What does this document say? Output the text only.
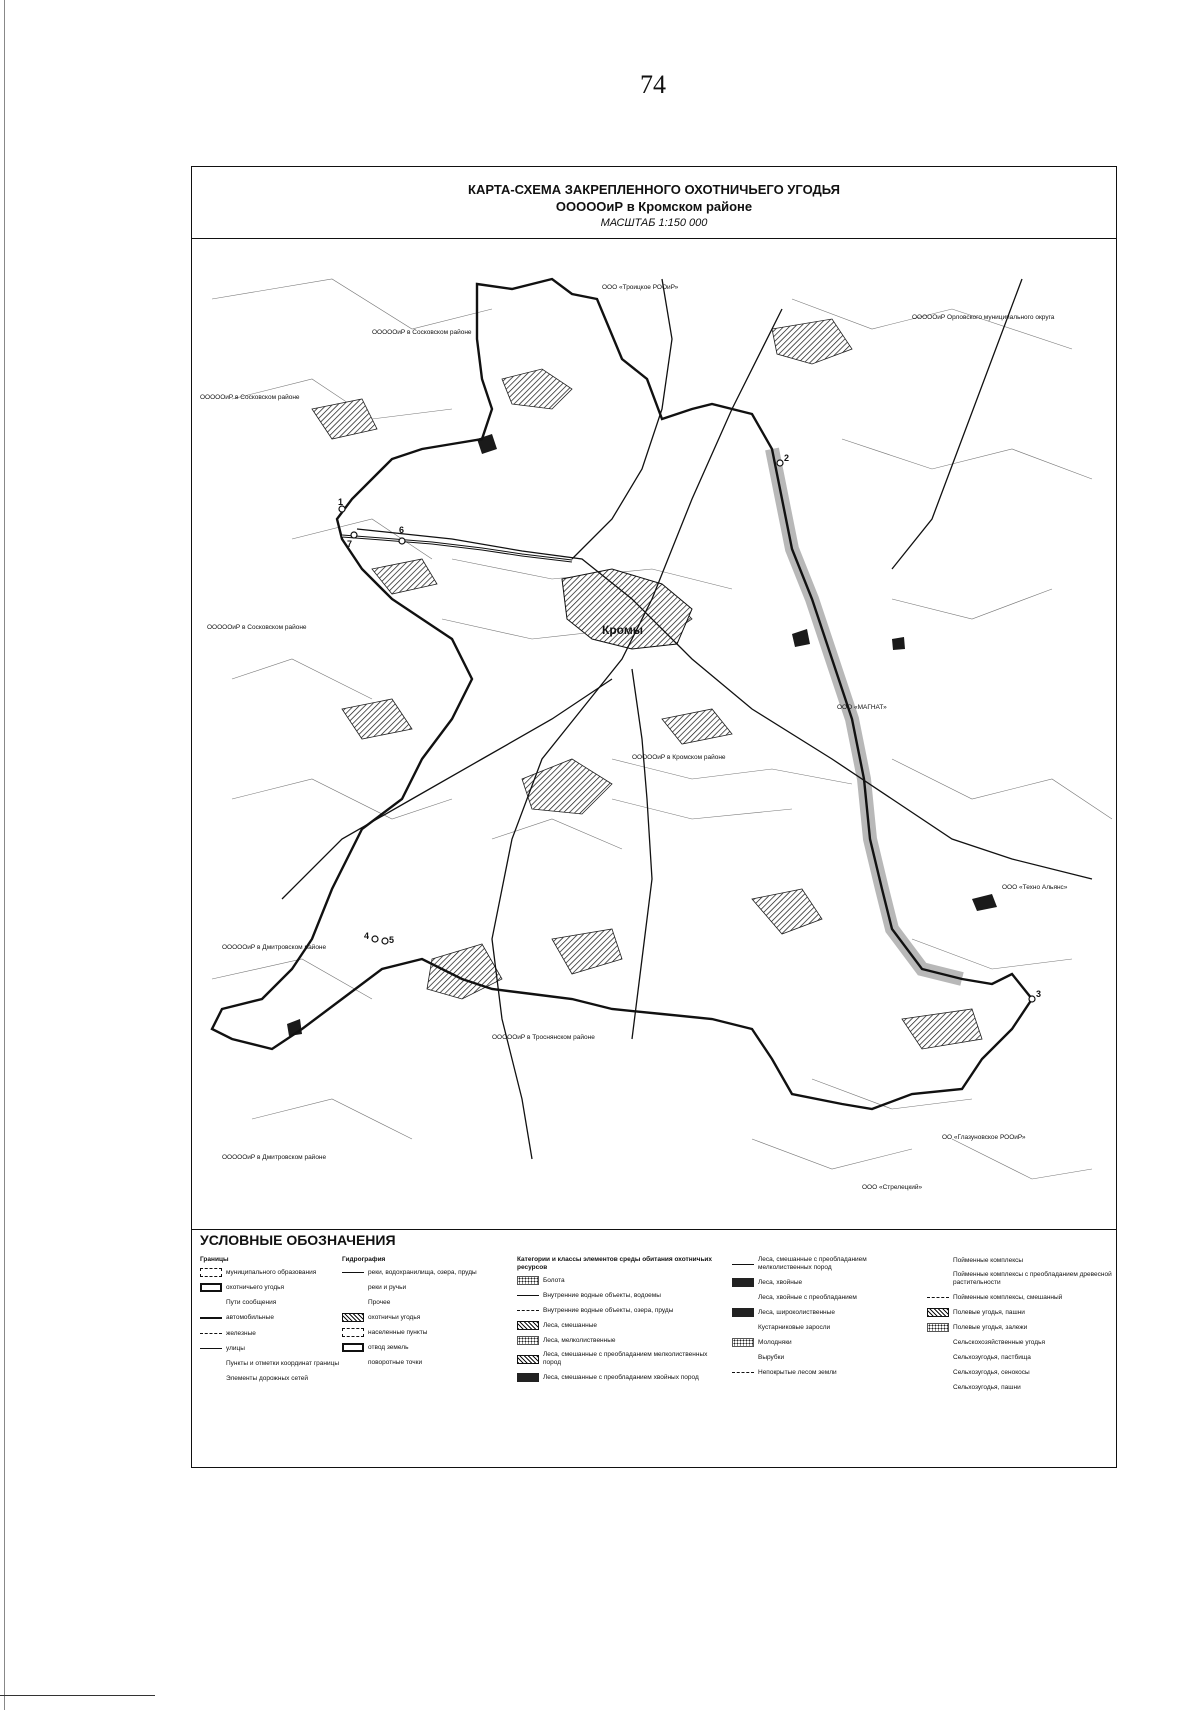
74
КАРТА-СХЕМА ЗАКРЕПЛЕННОГО ОХОТНИЧЬЕГО УГОДЬЯ
ОООООиР в Кромском районе
МАСШТАБ 1:150 000
1
2
3
4 5
6
7
Кромы
ООО «Троицкое РООиР»
ОООООиР в Сосковском районе
ОООООиР в Сосковском районе
ОООООиР в Сосковском районе
ООО «МАГНАТ»
ОООООиР в Кромском районе
ООО «Техно Альянс»
ОООООиР в Дмитровском районе
ОООООиР в Троснянском районе
ОООООиР в Дмитровском районе
ОО «Глазуновское РООиР»
ООО «Стрелецкий»
ОООООиР Орловского муниципального округа
УСЛОВНЫЕ ОБОЗНАЧЕНИЯ
Границы
муниципального образования
охотничьего угодья
Пути сообщения
автомобильные
железные
улицы
Пункты и отметки координат границы
Элементы дорожных сетей
Гидрография
реки, водохранилища, озера, пруды
реки и ручьи
Прочее
охотничьи угодья
населенные пункты
отвод земель
поворотные точки
Категории и классы элементов среды обитания охотничьих ресурсов
Болота
Внутренние водные объекты, водоемы
Внутренние водные объекты, озера, пруды
Леса, смешанные
Леса, мелколиственные
Леса, смешанные с преобладанием мелколиственных пород
Леса, смешанные с преобладанием хвойных пород
Леса, смешанные с преобладанием мелколиственных пород
Леса, хвойные
Леса, хвойные с преобладанием
Леса, широколиственные
Кустарниковые заросли
Молодняки
Вырубки
Непокрытые лесом земли
Пойменные комплексы
Пойменные комплексы с преобладанием древесной растительности
Пойменные комплексы, смешанный
Полевые угодья, пашни
Полевые угодья, залежи
Сельскохозяйственные угодья
Сельхозугодья, пастбища
Сельхозугодья, сенокосы
Сельхозугодья, пашни
